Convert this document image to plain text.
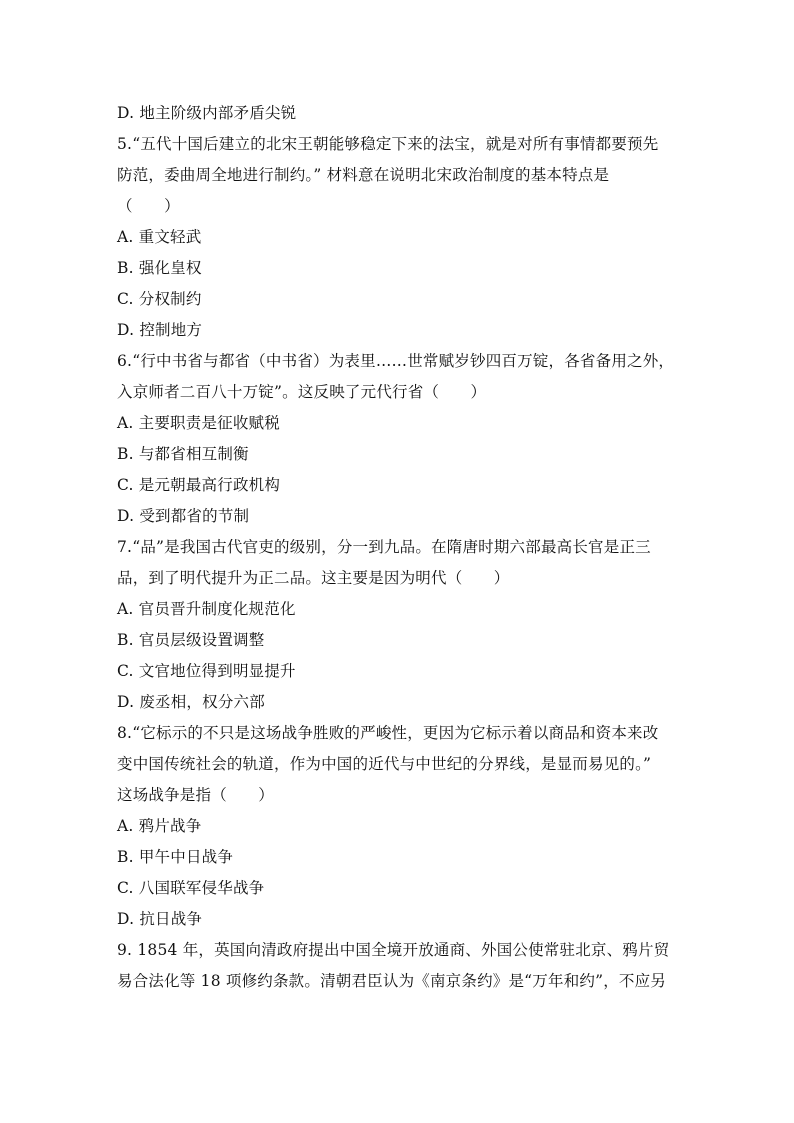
D. 地主阶级内部矛盾尖锐
5.“五代十国后建立的北宋王朝能够稳定下来的法宝，就是对所有事情都要预先
防范，委曲周全地进行制约。” 材料意在说明北宋政治制度的基本特点是
（　　）
A. 重文轻武
B. 强化皇权
C. 分权制约
D. 控制地方
6.“行中书省与都省（中书省）为表里……世常赋岁钞四百万锭，各省备用之外，
入京师者二百八十万锭”。这反映了元代行省（　　）
A. 主要职责是征收赋税
B. 与都省相互制衡
C. 是元朝最高行政机构
D. 受到都省的节制
7.“品”是我国古代官吏的级别，分一到九品。在隋唐时期六部最高长官是正三
品，到了明代提升为正二品。这主要是因为明代（　　）
A. 官员晋升制度化规范化
B. 官员层级设置调整
C. 文官地位得到明显提升
D. 废丞相，权分六部
8.“它标示的不只是这场战争胜败的严峻性，更因为它标示着以商品和资本来改
变中国传统社会的轨道，作为中国的近代与中世纪的分界线，是显而易见的。”
这场战争是指（　　）
A. 鸦片战争
B. 甲午中日战争
C. 八国联军侵华战争
D. 抗日战争
9. 1854 年，英国向清政府提出中国全境开放通商、外国公使常驻北京、鸦片贸
易合法化等 18 项修约条款。清朝君臣认为《南京条约》是“万年和约”，不应另
